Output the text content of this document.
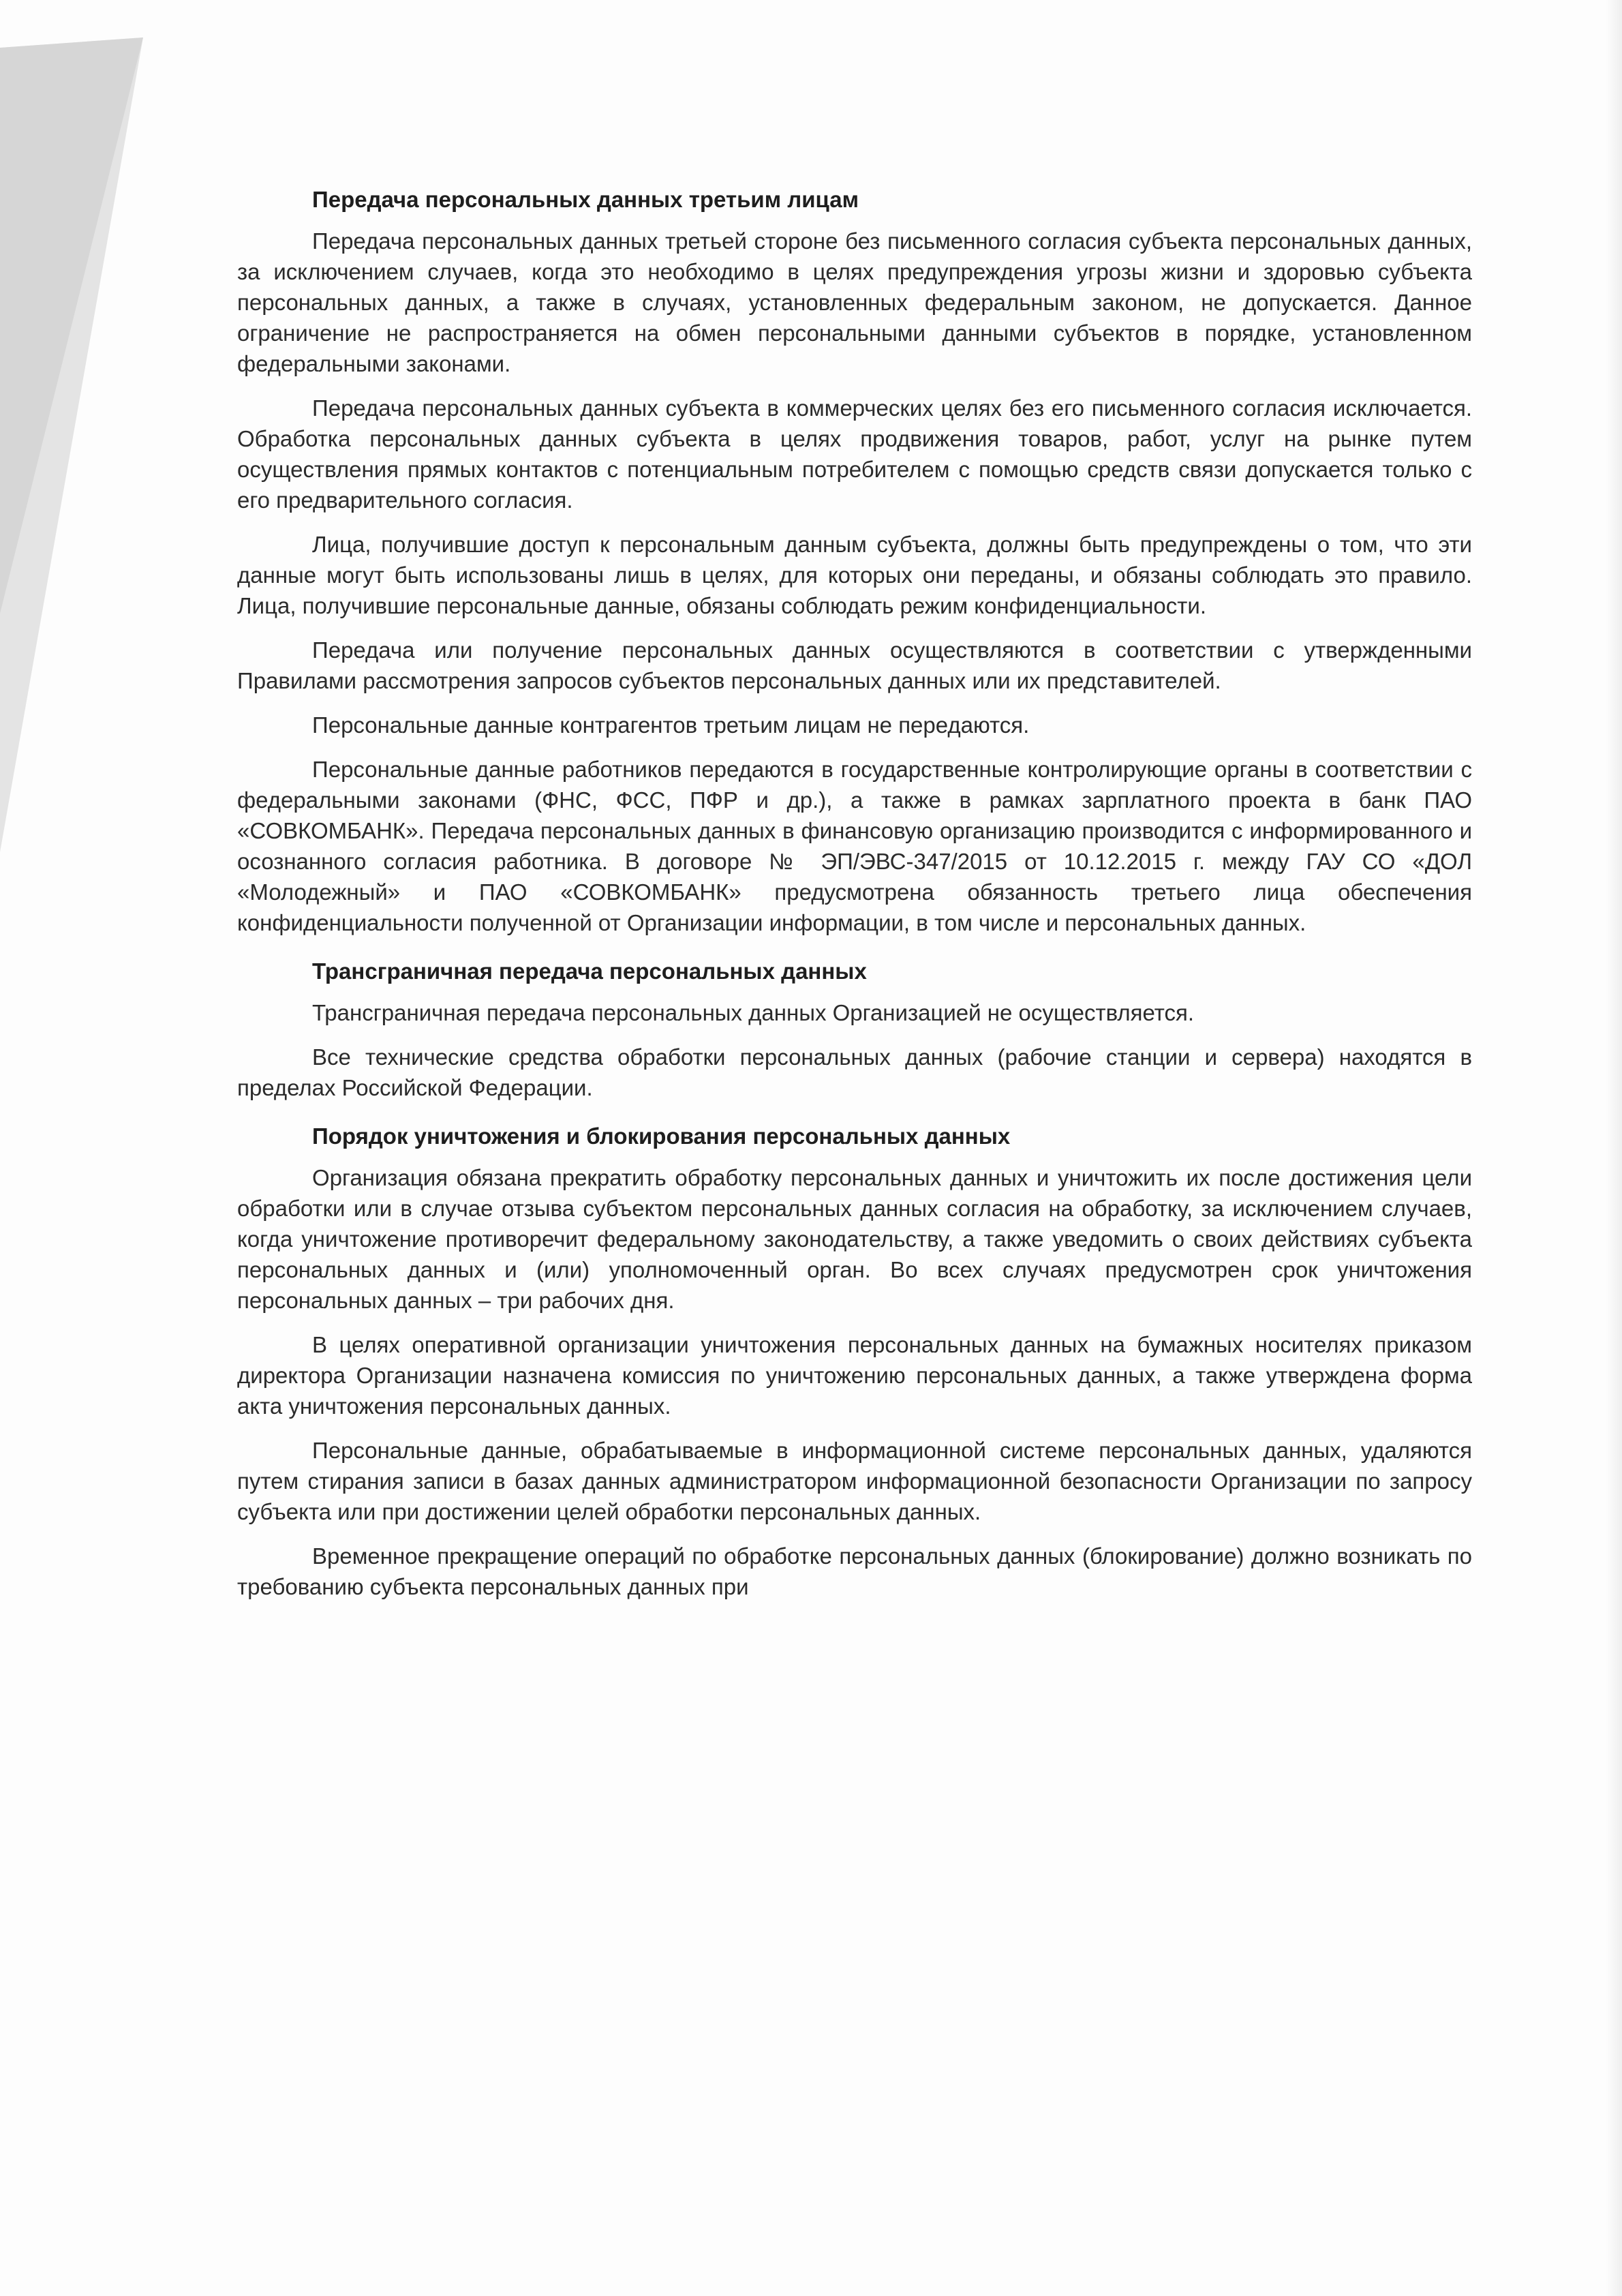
Передача персональных данных третьим лицам

Передача персональных данных третьей стороне без письменного согласия субъекта персональных данных, за исключением случаев, когда это необходимо в целях предупреждения угрозы жизни и здоровью субъекта персональных данных, а также в случаях, установленных федеральным законом, не допускается. Данное ограничение не распространяется на обмен персональными данными субъектов в порядке, установленном федеральными законами.

Передача персональных данных субъекта в коммерческих целях без его письменного согласия исключается. Обработка персональных данных субъекта в целях продвижения товаров, работ, услуг на рынке путем осуществления прямых контактов с потенциальным потребителем с помощью средств связи допускается только с его предварительного согласия.

Лица, получившие доступ к персональным данным субъекта, должны быть предупреждены о том, что эти данные могут быть использованы лишь в целях, для которых они переданы, и обязаны соблюдать это правило. Лица, получившие персональные данные, обязаны соблюдать режим конфиденциальности.

Передача или получение персональных данных осуществляются в соответствии с утвержденными Правилами рассмотрения запросов субъектов персональных данных или их представителей.

Персональные данные контрагентов третьим лицам не передаются.

Персональные данные работников передаются в государственные контролирующие органы в соответствии с федеральными законами (ФНС, ФСС, ПФР и др.), а также в рамках зарплатного проекта в банк ПАО «СОВКОМБАНК». Передача персональных данных в финансовую организацию производится с информированного и осознанного согласия работника. В договоре № ЭП/ЭВС-347/2015 от 10.12.2015 г. между ГАУ СО «ДОЛ «Молодежный» и ПАО «СОВКОМБАНК» предусмотрена обязанность третьего лица обеспечения конфиденциальности полученной от Организации информации, в том числе и персональных данных.

Трансграничная передача персональных данных

Трансграничная передача персональных данных Организацией не осуществляется.

Все технические средства обработки персональных данных (рабочие станции и сервера) находятся в пределах Российской Федерации.

Порядок уничтожения и блокирования персональных данных

Организация обязана прекратить обработку персональных данных и уничтожить их после достижения цели обработки или в случае отзыва субъектом персональных данных согласия на обработку, за исключением случаев, когда уничтожение противоречит федеральному законодательству, а также уведомить о своих действиях субъекта персональных данных и (или) уполномоченный орган. Во всех случаях предусмотрен срок уничтожения персональных данных – три рабочих дня.

В целях оперативной организации уничтожения персональных данных на бумажных носителях приказом директора Организации назначена комиссия по уничтожению персональных данных, а также утверждена форма акта уничтожения персональных данных.

Персональные данные, обрабатываемые в информационной системе персональных данных, удаляются путем стирания записи в базах данных администратором информационной безопасности Организации по запросу субъекта или при достижении целей обработки персональных данных.

Временное прекращение операций по обработке персональных данных (блокирование) должно возникать по требованию субъекта персональных данных при
